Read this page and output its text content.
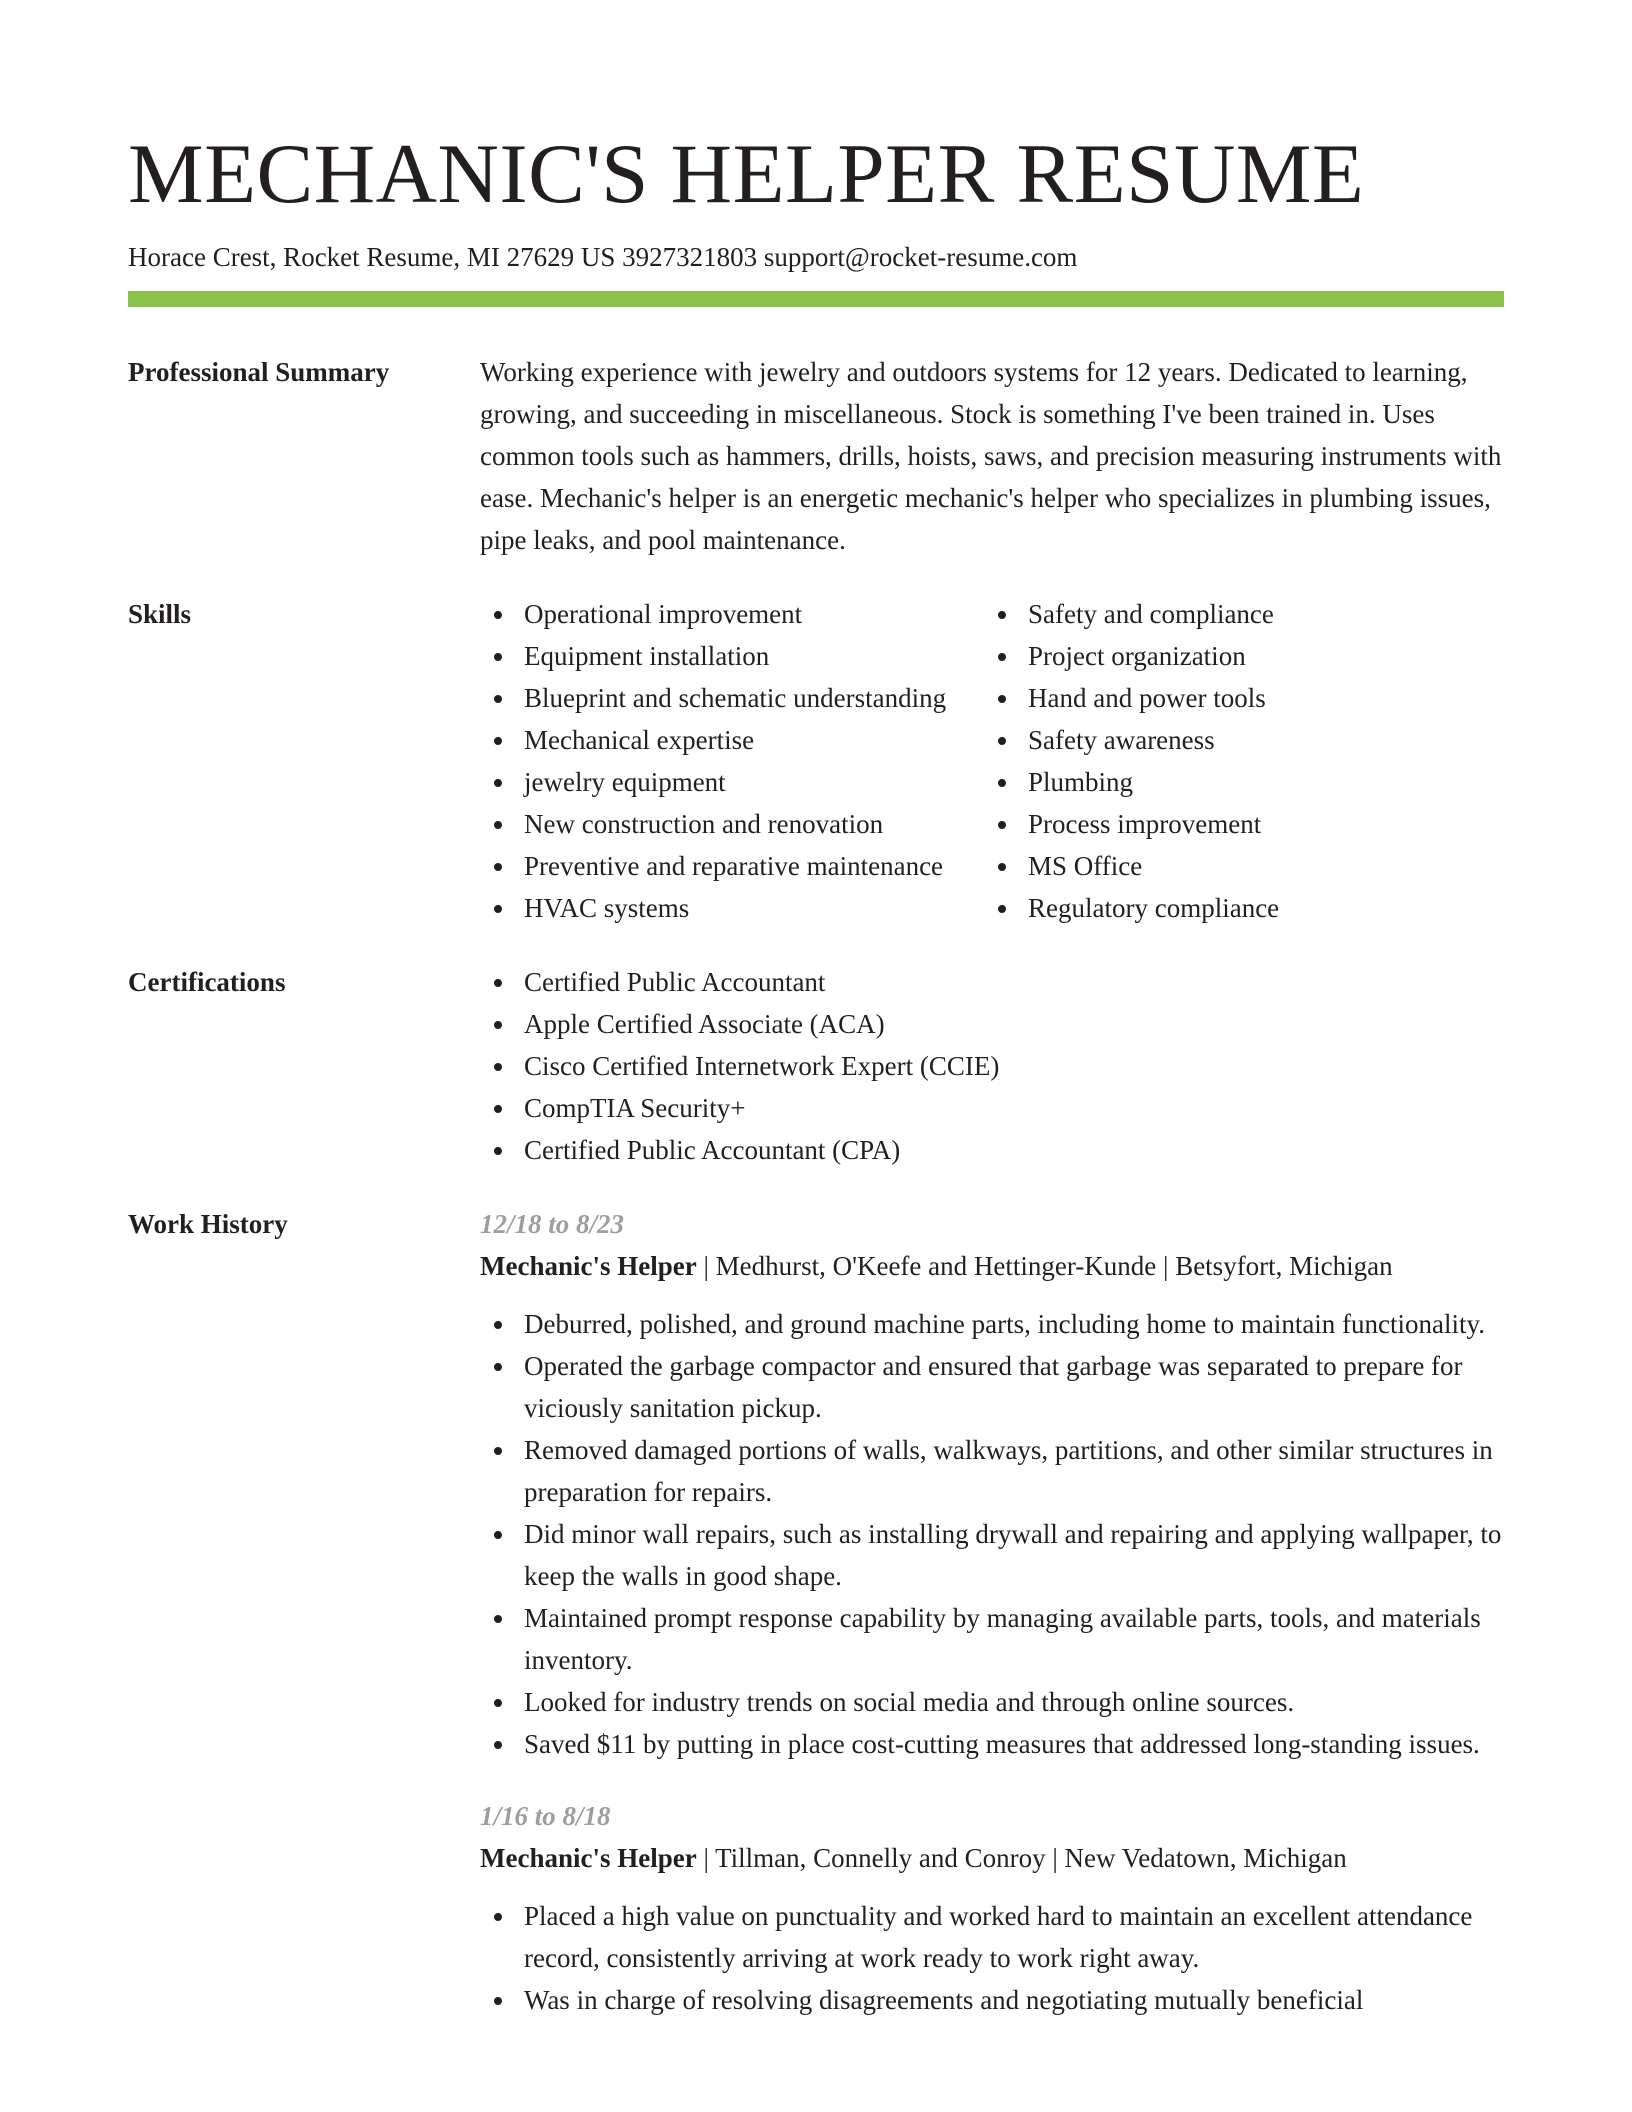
MECHANIC'S HELPER RESUME
Horace Crest, Rocket Resume, MI 27629 US 3927321803 support@rocket-resume.com
Professional Summary	Working experience with jewelry and outdoors systems for 12 years. Dedicated to learning, growing, and succeeding in miscellaneous. Stock is something I've been trained in. Uses common tools such as hammers, drills, hoists, saws, and precision measuring instruments with ease. Mechanic's helper is an energetic mechanic's helper who specializes in plumbing issues, pipe leaks, and pool maintenance.
Skills	Operational improvement
Equipment installation
Blueprint and schematic understanding
Mechanical expertise
jewelry equipment
New construction and renovation
Preventive and reparative maintenance
HVAC systems
Safety and compliance
Project organization
Hand and power tools
Safety awareness
Plumbing
Process improvement
MS Office
Regulatory compliance
Certifications	Certified Public Accountant
Apple Certified Associate (ACA)
Cisco Certified Internetwork Expert (CCIE)
CompTIA Security+
Certified Public Accountant (CPA)
Work History	12/18 to 8/23
Mechanic's Helper | Medhurst, O'Keefe and Hettinger-Kunde | Betsyfort, Michigan
Deburred, polished, and ground machine parts, including home to maintain functionality.
Operated the garbage compactor and ensured that garbage was separated to prepare for viciously sanitation pickup.
Removed damaged portions of walls, walkways, partitions, and other similar structures in preparation for repairs.
Did minor wall repairs, such as installing drywall and repairing and applying wallpaper, to keep the walls in good shape.
Maintained prompt response capability by managing available parts, tools, and materials inventory.
Looked for industry trends on social media and through online sources.
Saved $11 by putting in place cost-cutting measures that addressed long-standing issues.
1/16 to 8/18
Mechanic's Helper | Tillman, Connelly and Conroy | New Vedatown, Michigan
Placed a high value on punctuality and worked hard to maintain an excellent attendance record, consistently arriving at work ready to work right away.
Was in charge of resolving disagreements and negotiating mutually beneficial
